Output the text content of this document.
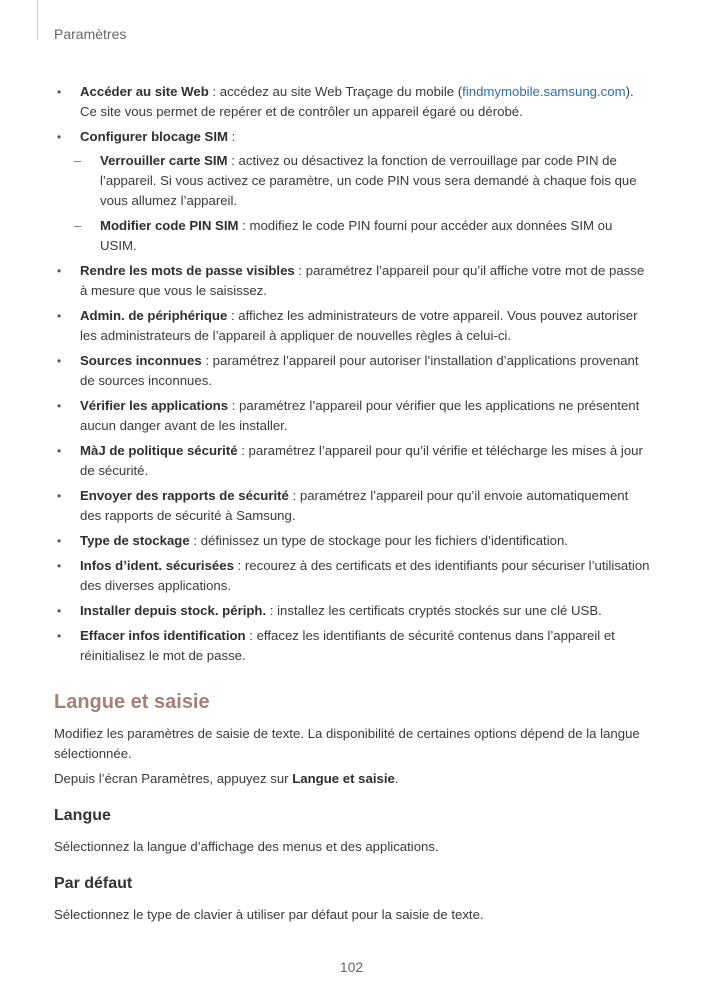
Paramètres
• Accéder au site Web : accédez au site Web Traçage du mobile (findmymobile.samsung.com). Ce site vous permet de repérer et de contrôler un appareil égaré ou dérobé.
• Configurer blocage SIM :
– Verrouiller carte SIM : activez ou désactivez la fonction de verrouillage par code PIN de l’appareil. Si vous activez ce paramètre, un code PIN vous sera demandé à chaque fois que vous allumez l’appareil.
– Modifier code PIN SIM : modifiez le code PIN fourni pour accéder aux données SIM ou USIM.
• Rendre les mots de passe visibles : paramétrez l’appareil pour qu’il affiche votre mot de passe à mesure que vous le saisissez.
• Admin. de périphérique : affichez les administrateurs de votre appareil. Vous pouvez autoriser les administrateurs de l’appareil à appliquer de nouvelles règles à celui-ci.
• Sources inconnues : paramétrez l’appareil pour autoriser l’installation d’applications provenant de sources inconnues.
• Vérifier les applications : paramétrez l’appareil pour vérifier que les applications ne présentent aucun danger avant de les installer.
• MàJ de politique sécurité : paramétrez l’appareil pour qu’il vérifie et télécharge les mises à jour de sécurité.
• Envoyer des rapports de sécurité : paramétrez l’appareil pour qu’il envoie automatiquement des rapports de sécurité à Samsung.
• Type de stockage : définissez un type de stockage pour les fichiers d’identification.
• Infos d’ident. sécurisées : recourez à des certificats et des identifiants pour sécuriser l’utilisation des diverses applications.
• Installer depuis stock. périph. : installez les certificats cryptés stockés sur une clé USB.
• Effacer infos identification : effacez les identifiants de sécurité contenus dans l’appareil et réinitialisez le mot de passe.
Langue et saisie

Modifiez les paramètres de saisie de texte. La disponibilité de certaines options dépend de la langue sélectionnée.

Depuis l’écran Paramètres, appuyez sur Langue et saisie.

Langue

Sélectionnez la langue d’affichage des menus et des applications.

Par défaut

Sélectionnez le type de clavier à utiliser par défaut pour la saisie de texte.

102
